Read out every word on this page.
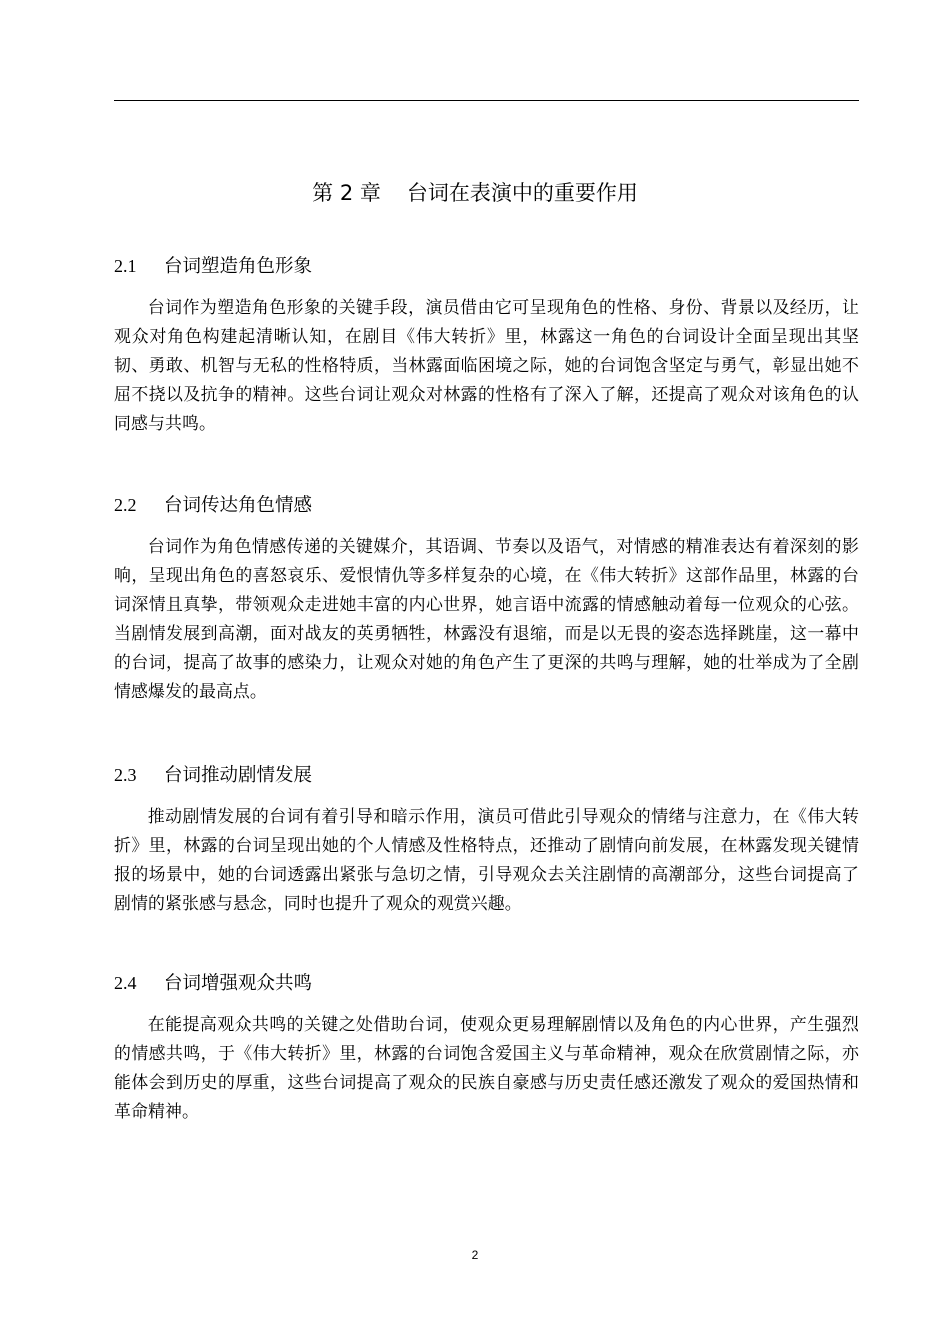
第 2 章 台词在表演中的重要作用
2.1 台词塑造角色形象

台词作为塑造角色形象的关键手段，演员借由它可呈现角色的性格、身份、背景以及经历，让观众对角色构建起清晰认知，在剧目《伟大转折》里，林露这一角色的台词设计全面呈现出其坚韧、勇敢、机智与无私的性格特质，当林露面临困境之际，她的台词饱含坚定与勇气，彰显出她不屈不挠以及抗争的精神。这些台词让观众对林露的性格有了深入了解，还提高了观众对该角色的认同感与共鸣。

2.2 台词传达角色情感

台词作为角色情感传递的关键媒介，其语调、节奏以及语气，对情感的精准表达有着深刻的影响，呈现出角色的喜怒哀乐、爱恨情仇等多样复杂的心境，在《伟大转折》这部作品里，林露的台词深情且真挚，带领观众走进她丰富的内心世界，她言语中流露的情感触动着每一位观众的心弦。当剧情发展到高潮，面对战友的英勇牺牲，林露没有退缩，而是以无畏的姿态选择跳崖，这一幕中的台词，提高了故事的感染力，让观众对她的角色产生了更深的共鸣与理解，她的壮举成为了全剧情感爆发的最高点。

2.3 台词推动剧情发展

推动剧情发展的台词有着引导和暗示作用，演员可借此引导观众的情绪与注意力，在《伟大转折》里，林露的台词呈现出她的个人情感及性格特点，还推动了剧情向前发展，在林露发现关键情报的场景中，她的台词透露出紧张与急切之情，引导观众去关注剧情的高潮部分，这些台词提高了剧情的紧张感与悬念，同时也提升了观众的观赏兴趣。

2.4 台词增强观众共鸣

在能提高观众共鸣的关键之处借助台词，使观众更易理解剧情以及角色的内心世界，产生强烈的情感共鸣，于《伟大转折》里，林露的台词饱含爱国主义与革命精神，观众在欣赏剧情之际，亦能体会到历史的厚重，这些台词提高了观众的民族自豪感与历史责任感还激发了观众的爱国热情和革命精神。

2
